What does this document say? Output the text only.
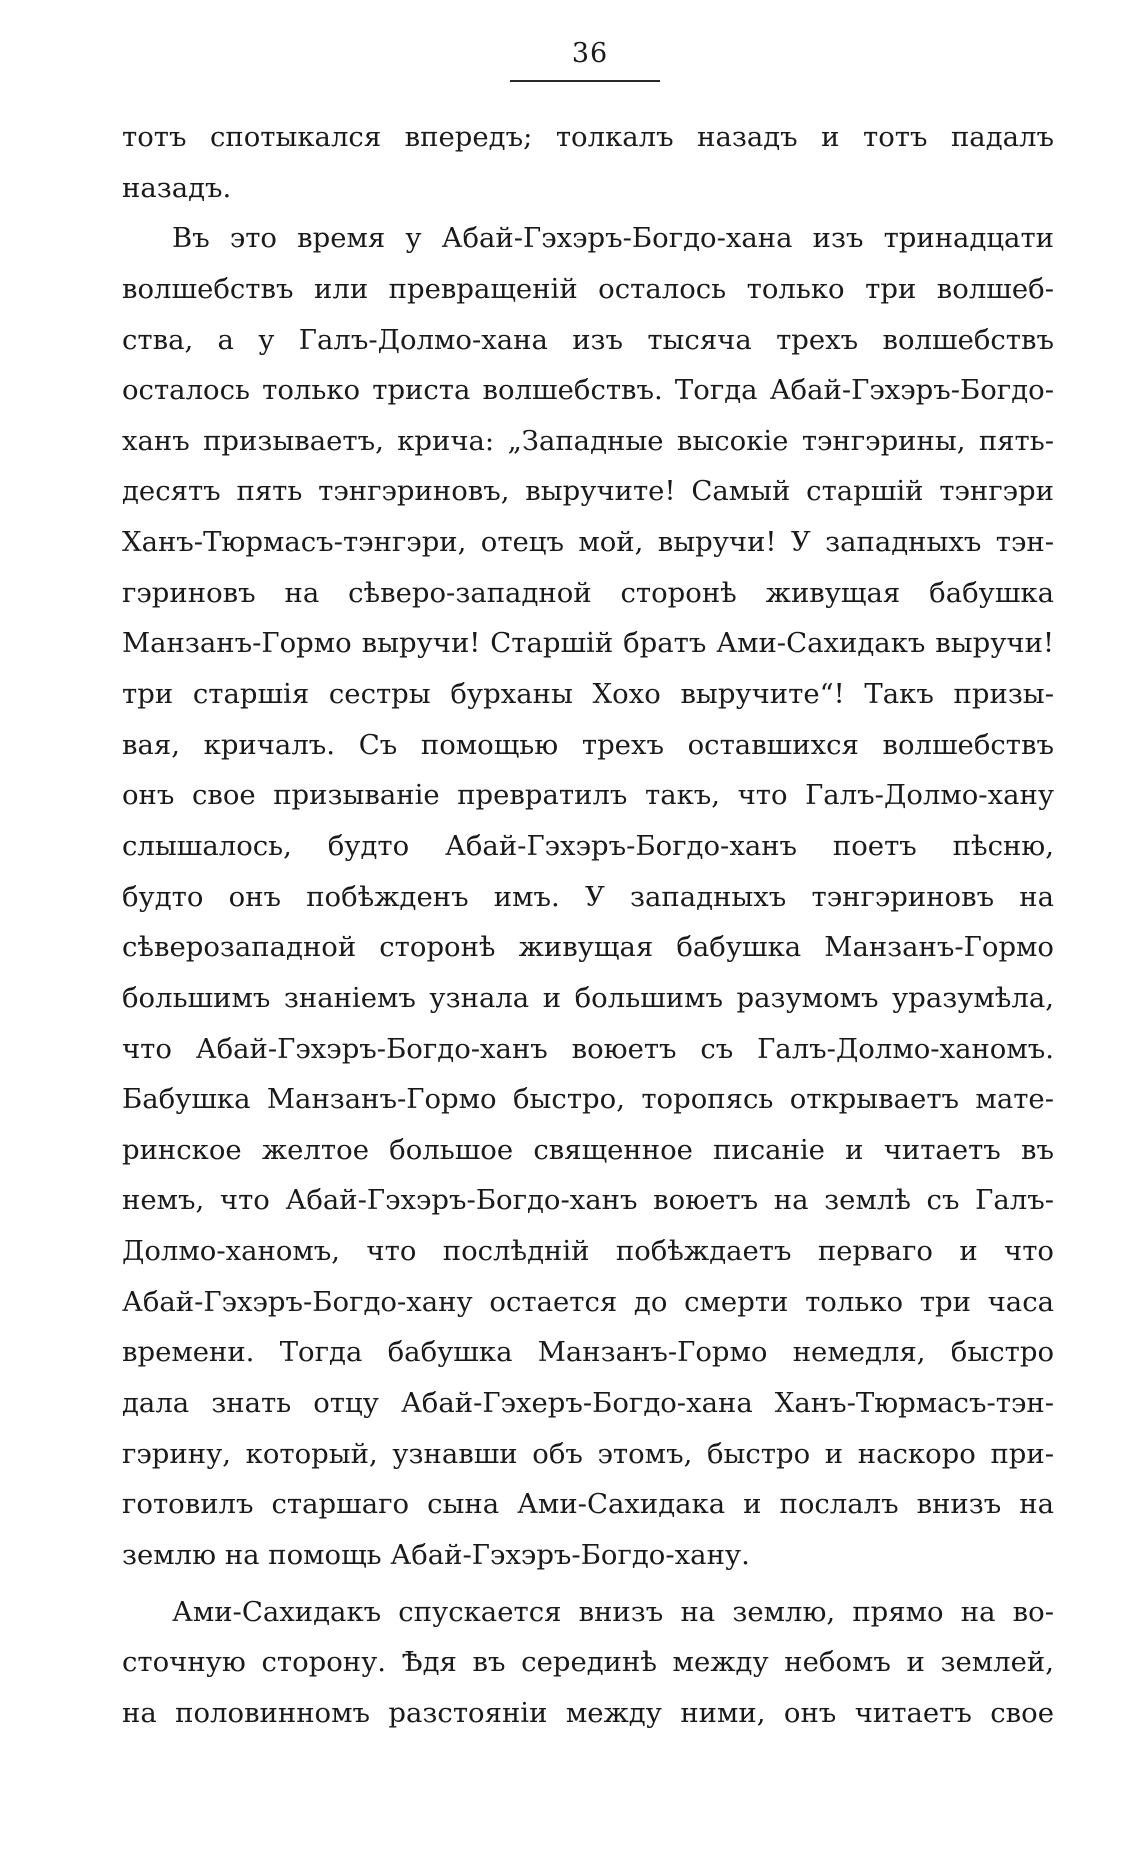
36
тотъ спотыкался впередъ; толкалъ назадъ и тотъ падалъ
назадъ.
Въ это время у Абай-Гэхэръ-Богдо-хана изъ тринадцати
волшебствъ или превращенiй осталось только три волшеб-
ства, а у Галъ-Долмо-хана изъ тысяча трехъ волшебствъ
осталось только триста волшебствъ. Тогда Абай-Гэхэръ-Богдо-
ханъ призываетъ, крича: „Западные высокiе тэнгэрины, пять-
десятъ пять тэнгэриновъ, выручите! Самый старшiй тэнгэри
Ханъ-Тюрмасъ-тэнгэри, отецъ мой, выручи! У западныхъ тэн-
гэриновъ на сѣверо-западной сторонѣ живущая бабушка
Манзанъ-Гормо выручи! Старшiй братъ Ами-Сахидакъ выручи!
три старшiя сестры бурханы Хохо выручите“! Такъ призы-
вая, кричалъ. Съ помощью трехъ оставшихся волшебствъ
онъ свое призыванiе превратилъ такъ, что Галъ-Долмо-хану
слышалось, будто Абай-Гэхэръ-Богдо-ханъ поетъ пѣсню,
будто онъ побѣжденъ имъ. У западныхъ тэнгэриновъ на
сѣверозападной сторонѣ живущая бабушка Манзанъ-Гормо
большимъ знанiемъ узнала и большимъ разумомъ уразумѣла,
что Абай-Гэхэръ-Богдо-ханъ воюетъ съ Галъ-Долмо-ханомъ.
Бабушка Манзанъ-Гормо быстро, торопясь открываетъ мате-
ринское желтое большое священное писанiе и читаетъ въ
немъ, что Абай-Гэхэръ-Богдо-ханъ воюетъ на землѣ съ Галъ-
Долмо-ханомъ, что послѣднiй побѣждаетъ перваго и что
Абай-Гэхэръ-Богдо-хану остается до смерти только три часа
времени. Тогда бабушка Манзанъ-Гормо немедля, быстро
дала знать отцу Абай-Гэхеръ-Богдо-хана Ханъ-Тюрмасъ-тэн-
гэрину, который, узнавши объ этомъ, быстро и наскоро при-
готовилъ старшаго сына Ами-Сахидака и послалъ внизъ на
землю на помощь Абай-Гэхэръ-Богдо-хану.
Ами-Сахидакъ спускается внизъ на землю, прямо на во-
сточную сторону. Ѣдя въ серединѣ между небомъ и землей,
на половинномъ разстоянiи между ними, онъ читаетъ свое
